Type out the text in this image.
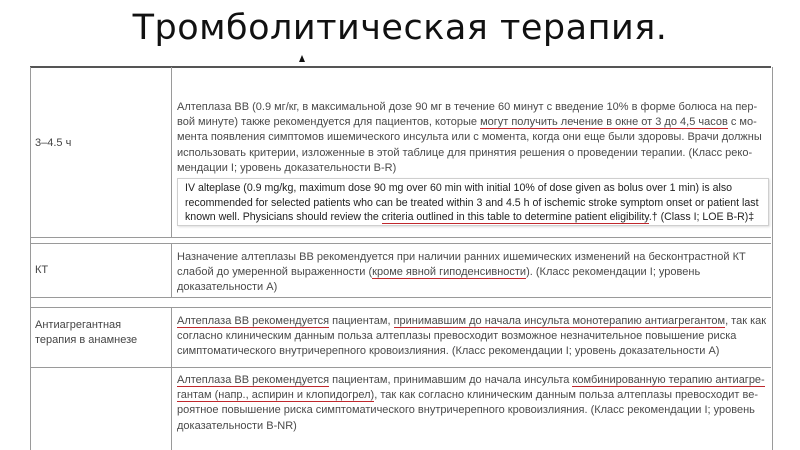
Тромболитическая терапия.
3–4.5 ч
Алтеплаза ВВ (0.9 мг/кг, в максимальной дозе 90 мг в течение 60 минут с введение 10% в форме болюса на пер-вой минуте) также рекомендуется для пациентов, которые могут получить лечение в окне от 3 до 4,5 часов с мо-мента появления симптомов ишемического инсульта или с момента, когда они еще были здоровы. Врачи должны использовать критерии, изложенные в этой таблице для принятия решения о проведении терапии. (Класс реко-мендации I; уровень доказательности B-R)

IV alteplase (0.9 mg/kg, maximum dose 90 mg over 60 min with initial 10% of dose given as bolus over 1 min) is also recommended for selected patients who can be treated within 3 and 4.5 h of ischemic stroke symptom onset or patient last known well. Physicians should review the criteria outlined in this table to determine patient eligibility.† (Class I; LOE B-R)‡

КТ
Назначение алтеплазы ВВ рекомендуется при наличии ранних ишемических изменений на бесконтрастной КТ слабой до умеренной выраженности (кроме явной гиподенсивности). (Класс рекомендации I; уровень доказательности A)
Антиагрегантная терапия в анамнезе
Алтеплаза ВВ рекомендуется пациентам, принимавшим до начала инсульта монотерапию антиагрегантом, так как согласно клиническим данным польза алтеплазы превосходит возможное незначительное повышение риска симптоматического внутричерепного кровоизлияния. (Класс рекомендации I; уровень доказательности A)
Алтеплаза ВВ рекомендуется пациентам, принимавшим до начала инсульта комбинированную терапию антиагре-гантам (напр., аспирин и клопидогрел), так как согласно клиническим данным польза алтеплазы превосходит ве-роятное повышение риска симптоматического внутричерепного кровоизлияния. (Класс рекомендации I; уровень доказательности B-NR)
